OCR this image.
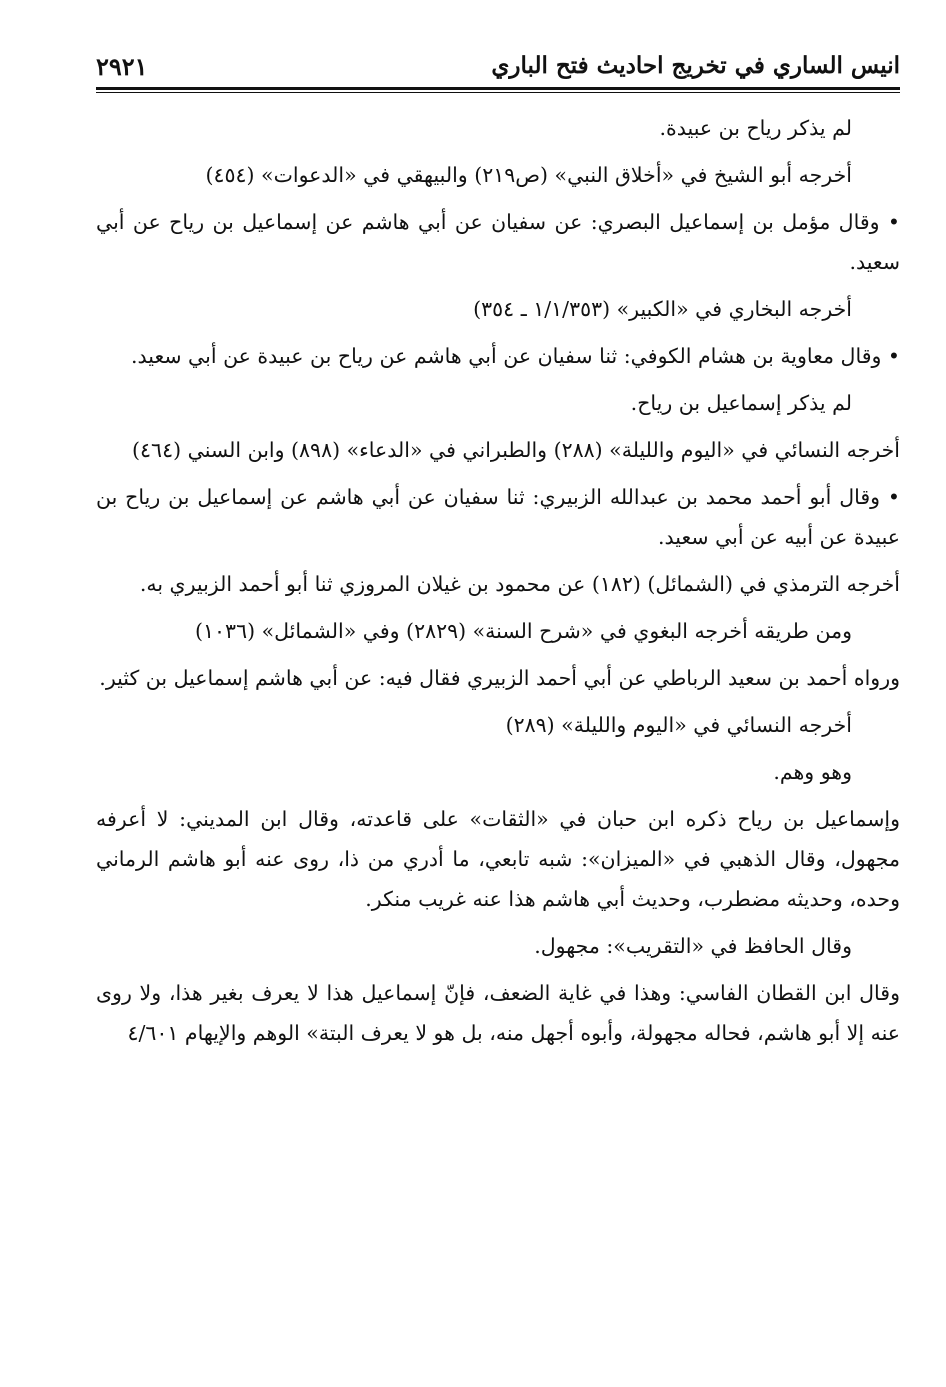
انيس الساري في تخريج احاديث فتح الباري
٢٩٢١

لم يذكر رياح بن عبيدة.

أخرجه أبو الشيخ في «أخلاق النبي» (ص٢١٩) والبيهقي في «الدعوات» (٤٥٤)

• وقال مؤمل بن إسماعيل البصري: عن سفيان عن أبي هاشم عن إسماعيل بن رياح عن أبي سعيد.

أخرجه البخاري في «الكبير» (١/١/٣٥٣ ـ ٣٥٤)

• وقال معاوية بن هشام الكوفي: ثنا سفيان عن أبي هاشم عن رياح بن عبيدة عن أبي سعيد.

لم يذكر إسماعيل بن رياح.

أخرجه النسائي في «اليوم والليلة» (٢٨٨) والطبراني في «الدعاء» (٨٩٨) وابن السني (٤٦٤)

• وقال أبو أحمد محمد بن عبدالله الزبيري: ثنا سفيان عن أبي هاشم عن إسماعيل بن رياح بن عبيدة عن أبيه عن أبي سعيد.

أخرجه الترمذي في (الشمائل) (١٨٢) عن محمود بن غيلان المروزي ثنا أبو أحمد الزبيري به.

ومن طريقه أخرجه البغوي في «شرح السنة» (٢٨٢٩) وفي «الشمائل» (١٠٣٦)

ورواه أحمد بن سعيد الرباطي عن أبي أحمد الزبيري فقال فيه: عن أبي هاشم إسماعيل بن كثير.

أخرجه النسائي في «اليوم والليلة» (٢٨٩)

وهو وهم.

وإسماعيل بن رياح ذكره ابن حبان في «الثقات» على قاعدته، وقال ابن المديني: لا أعرفه مجهول، وقال الذهبي في «الميزان»: شبه تابعي، ما أدري من ذا، روى عنه أبو هاشم الرماني وحده، وحديثه مضطرب، وحديث أبي هاشم هذا عنه غريب منكر.

وقال الحافظ في «التقريب»: مجهول.

وقال ابن القطان الفاسي: وهذا في غاية الضعف، فإنّ إسماعيل هذا لا يعرف بغير هذا، ولا روى عنه إلا أبو هاشم، فحاله مجهولة، وأبوه أجهل منه، بل هو لا يعرف البتة» الوهم والإيهام ٤/٦٠١
